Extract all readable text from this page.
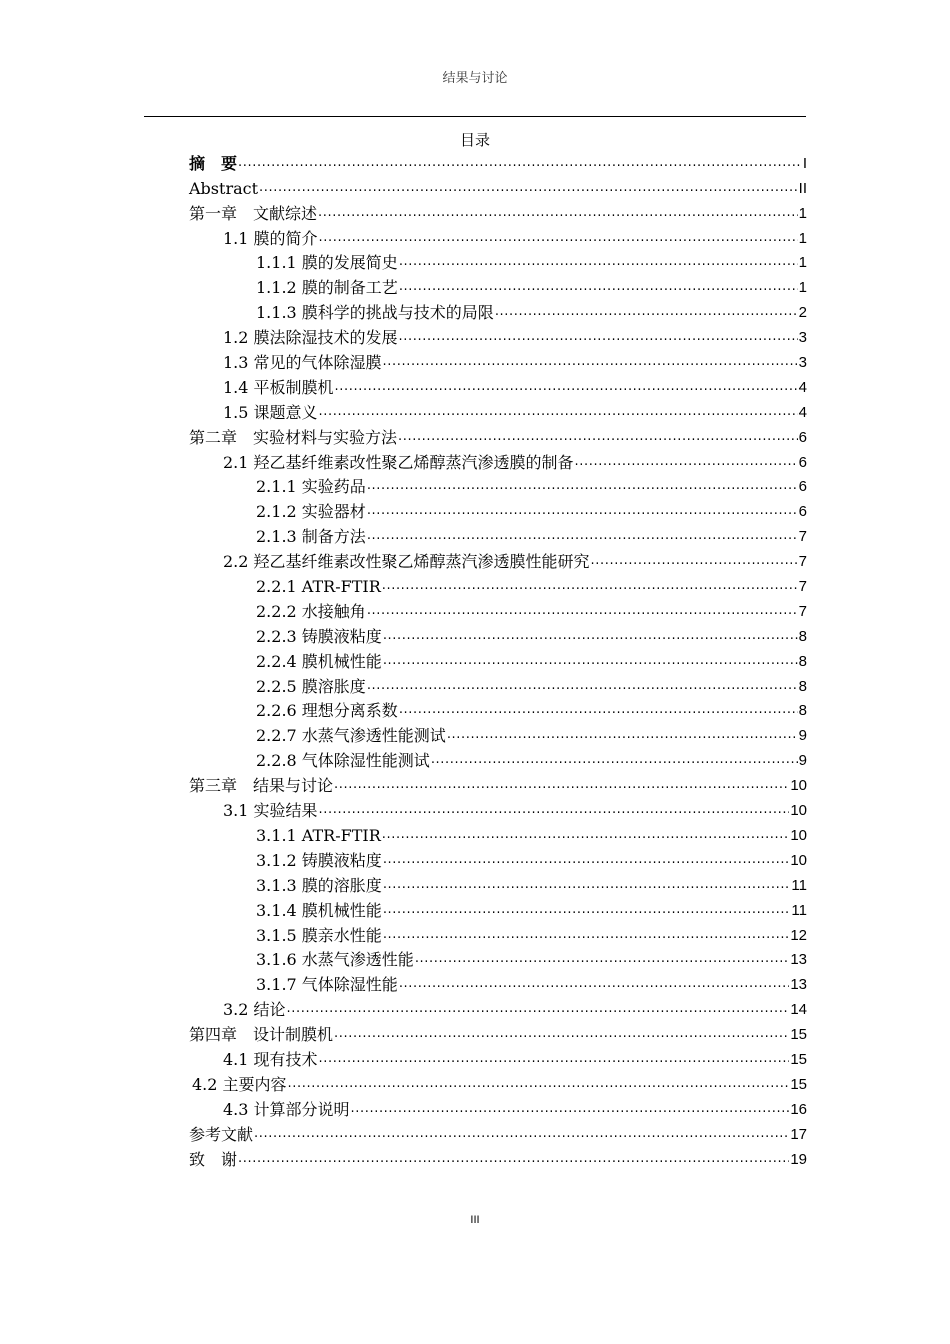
结果与讨论
目录
摘　要 .....	I
Abstract .....	II
第一章　文献综述 .....	1
1.1 膜的简介 .....	1
1.1.1 膜的发展简史 .....	1
1.1.2 膜的制备工艺 .....	1
1.1.3 膜科学的挑战与技术的局限 .....	2
1.2 膜法除湿技术的发展 .....	3
1.3 常见的气体除湿膜 .....	3
1.4 平板制膜机 .....	4
1.5 课题意义 .....	4
第二章　实验材料与实验方法 .....	6
2.1 羟乙基纤维素改性聚乙烯醇蒸汽渗透膜的制备 .....	6
2.1.1 实验药品 .....	6
2.1.2 实验器材 .....	6
2.1.3 制备方法 .....	7
2.2 羟乙基纤维素改性聚乙烯醇蒸汽渗透膜性能研究 .....	7
2.2.1 ATR-FTIR .....	7
2.2.2 水接触角 .....	7
2.2.3 铸膜液粘度 .....	8
2.2.4 膜机械性能 .....	8
2.2.5 膜溶胀度 .....	8
2.2.6 理想分离系数 .....	8
2.2.7 水蒸气渗透性能测试 .....	9
2.2.8 气体除湿性能测试 .....	9
第三章　结果与讨论 .....	10
3.1 实验结果 .....	10
3.1.1 ATR-FTIR .....	10
3.1.2 铸膜液粘度 .....	10
3.1.3 膜的溶胀度 .....	11
3.1.4 膜机械性能 .....	11
3.1.5 膜亲水性能 .....	12
3.1.6 水蒸气渗透性能 .....	13
3.1.7 气体除湿性能 .....	13
3.2 结论 .....	14
第四章　设计制膜机 .....	15
4.1 现有技术 .....	15
4.2 主要内容 .....	15
4.3 计算部分说明 .....	16
参考文献 .....	17
致　谢 .....	19
III
